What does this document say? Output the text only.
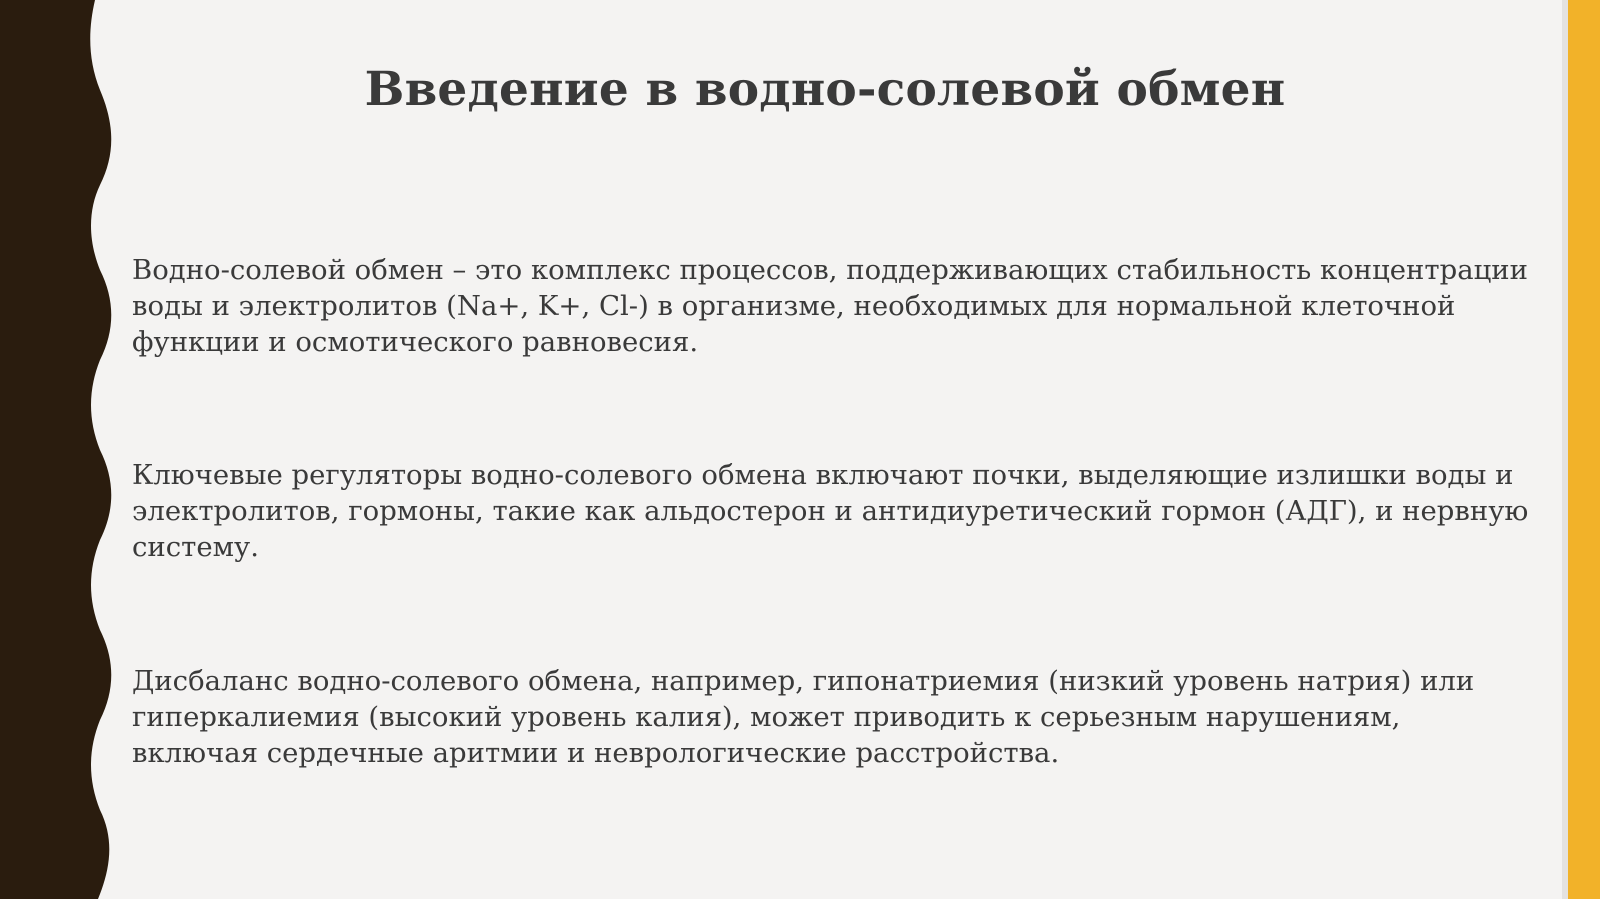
Введение в водно-солевой обмен

Водно-солевой обмен – это комплекс процессов, поддерживающих стабильность концентрации воды и электролитов (Na+, K+, Cl-) в организме, необходимых для нормальной клеточной функции и осмотического равновесия.

Ключевые регуляторы водно-солевого обмена включают почки, выделяющие излишки воды и электролитов, гормоны, такие как альдостерон и антидиуретический гормон (АДГ), и нервную систему.

Дисбаланс водно-солевого обмена, например, гипонатриемия (низкий уровень натрия) или гиперкалиемия (высокий уровень калия), может приводить к серьезным нарушениям, включая сердечные аритмии и неврологические расстройства.
